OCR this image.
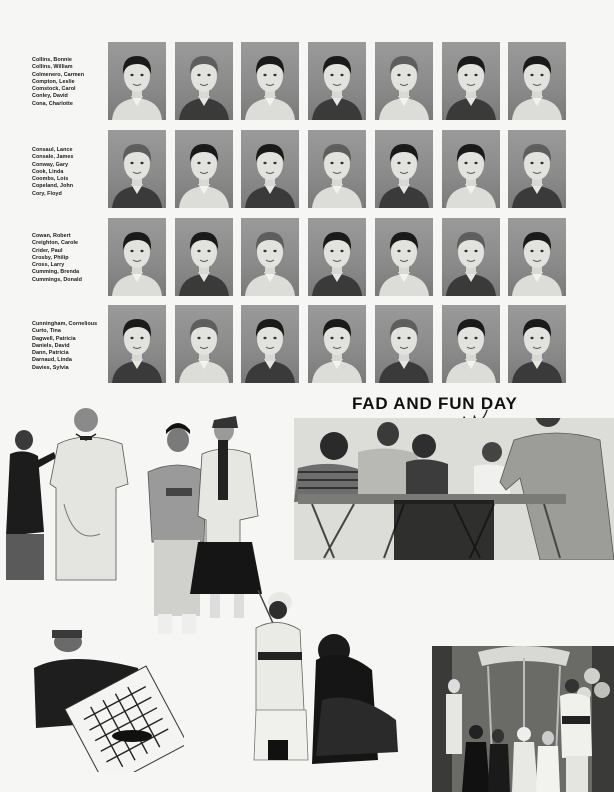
Collins, Bonnie
Collins, William
Colmenero, Carmen
Compton, Leslie
Comstock, Carol
Conley, David
Cona, Charlotte
Consaul, Lance
Consale, James
Conway, Gary
Cook, Linda
Coombs, Lois
Copeland, John
Cory, Floyd
Cowan, Robert
Creighton, Carole
Crider, Paul
Crosby, Philip
Cross, Larry
Cumming, Brenda
Cummings, Donald
Cunningham, Cornelious
Curto, Tina
Dagwell, Patricia
Daniels, David
Dann, Patricia
Darnaud, Linda
Davies, Sylvia
FAD AND FUN DAY
